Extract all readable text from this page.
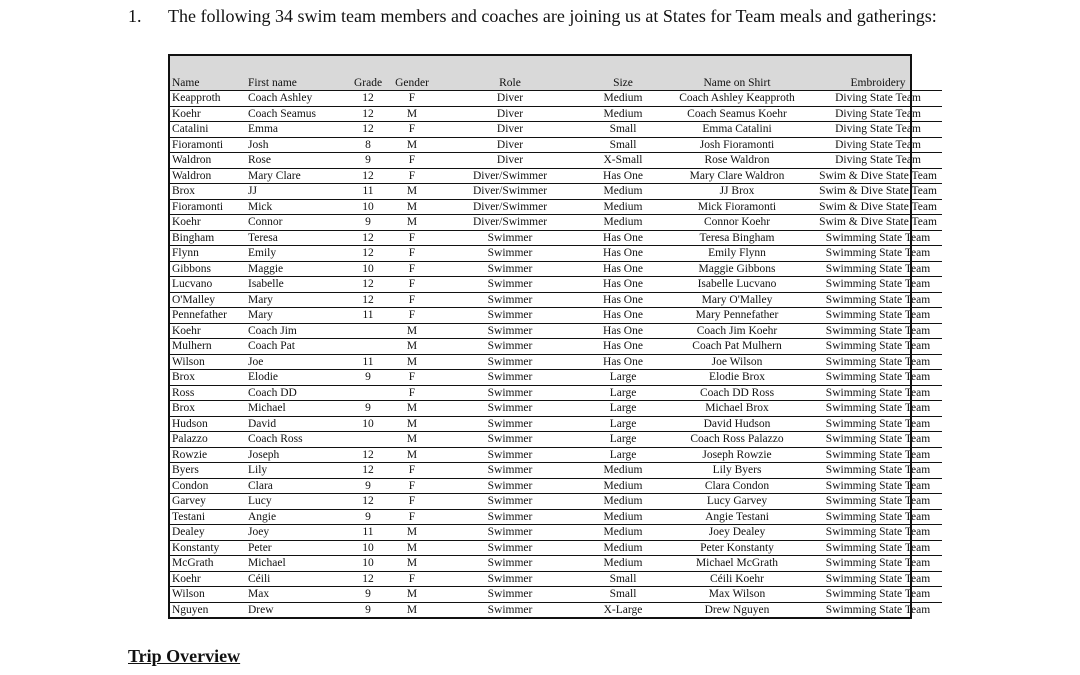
1. The following 34 swim team members and coaches are joining us at States for Team meals and gatherings:
Name	First name	Grade	Gender	Role	Size	Name on Shirt	Embroidery
Keapproth	Coach Ashley	12	F	Diver	Medium	Coach Ashley Keapproth	Diving State Team
Koehr	Coach Seamus	12	M	Diver	Medium	Coach Seamus Koehr	Diving State Team
Catalini	Emma	12	F	Diver	Small	Emma Catalini	Diving State Team
Fioramonti	Josh	8	M	Diver	Small	Josh Fioramonti	Diving State Team
Waldron	Rose	9	F	Diver	X-Small	Rose Waldron	Diving State Team
Waldron	Mary Clare	12	F	Diver/Swimmer	Has One	Mary Clare Waldron	Swim & Dive State Team
Brox	JJ	11	M	Diver/Swimmer	Medium	JJ Brox	Swim & Dive State Team
Fioramonti	Mick	10	M	Diver/Swimmer	Medium	Mick Fioramonti	Swim & Dive State Team
Koehr	Connor	9	M	Diver/Swimmer	Medium	Connor Koehr	Swim & Dive State Team
Bingham	Teresa	12	F	Swimmer	Has One	Teresa Bingham	Swimming State Team
Flynn	Emily	12	F	Swimmer	Has One	Emily Flynn	Swimming State Team
Gibbons	Maggie	10	F	Swimmer	Has One	Maggie Gibbons	Swimming State Team
Lucvano	Isabelle	12	F	Swimmer	Has One	Isabelle Lucvano	Swimming State Team
O'Malley	Mary	12	F	Swimmer	Has One	Mary O'Malley	Swimming State Team
Pennefather	Mary	11	F	Swimmer	Has One	Mary Pennefather	Swimming State Team
Koehr	Coach Jim		M	Swimmer	Has One	Coach Jim Koehr	Swimming State Team
Mulhern	Coach Pat		M	Swimmer	Has One	Coach Pat Mulhern	Swimming State Team
Wilson	Joe	11	M	Swimmer	Has One	Joe Wilson	Swimming State Team
Brox	Elodie	9	F	Swimmer	Large	Elodie Brox	Swimming State Team
Ross	Coach DD		F	Swimmer	Large	Coach DD Ross	Swimming State Team
Brox	Michael	9	M	Swimmer	Large	Michael Brox	Swimming State Team
Hudson	David	10	M	Swimmer	Large	David Hudson	Swimming State Team
Palazzo	Coach Ross		M	Swimmer	Large	Coach Ross Palazzo	Swimming State Team
Rowzie	Joseph	12	M	Swimmer	Large	Joseph Rowzie	Swimming State Team
Byers	Lily	12	F	Swimmer	Medium	Lily Byers	Swimming State Team
Condon	Clara	9	F	Swimmer	Medium	Clara Condon	Swimming State Team
Garvey	Lucy	12	F	Swimmer	Medium	Lucy Garvey	Swimming State Team
Testani	Angie	9	F	Swimmer	Medium	Angie Testani	Swimming State Team
Dealey	Joey	11	M	Swimmer	Medium	Joey Dealey	Swimming State Team
Konstanty	Peter	10	M	Swimmer	Medium	Peter Konstanty	Swimming State Team
McGrath	Michael	10	M	Swimmer	Medium	Michael McGrath	Swimming State Team
Koehr	Céili	12	F	Swimmer	Small	Céili Koehr	Swimming State Team
Wilson	Max	9	M	Swimmer	Small	Max Wilson	Swimming State Team
Nguyen	Drew	9	M	Swimmer	X-Large	Drew Nguyen	Swimming State Team
Trip Overview
